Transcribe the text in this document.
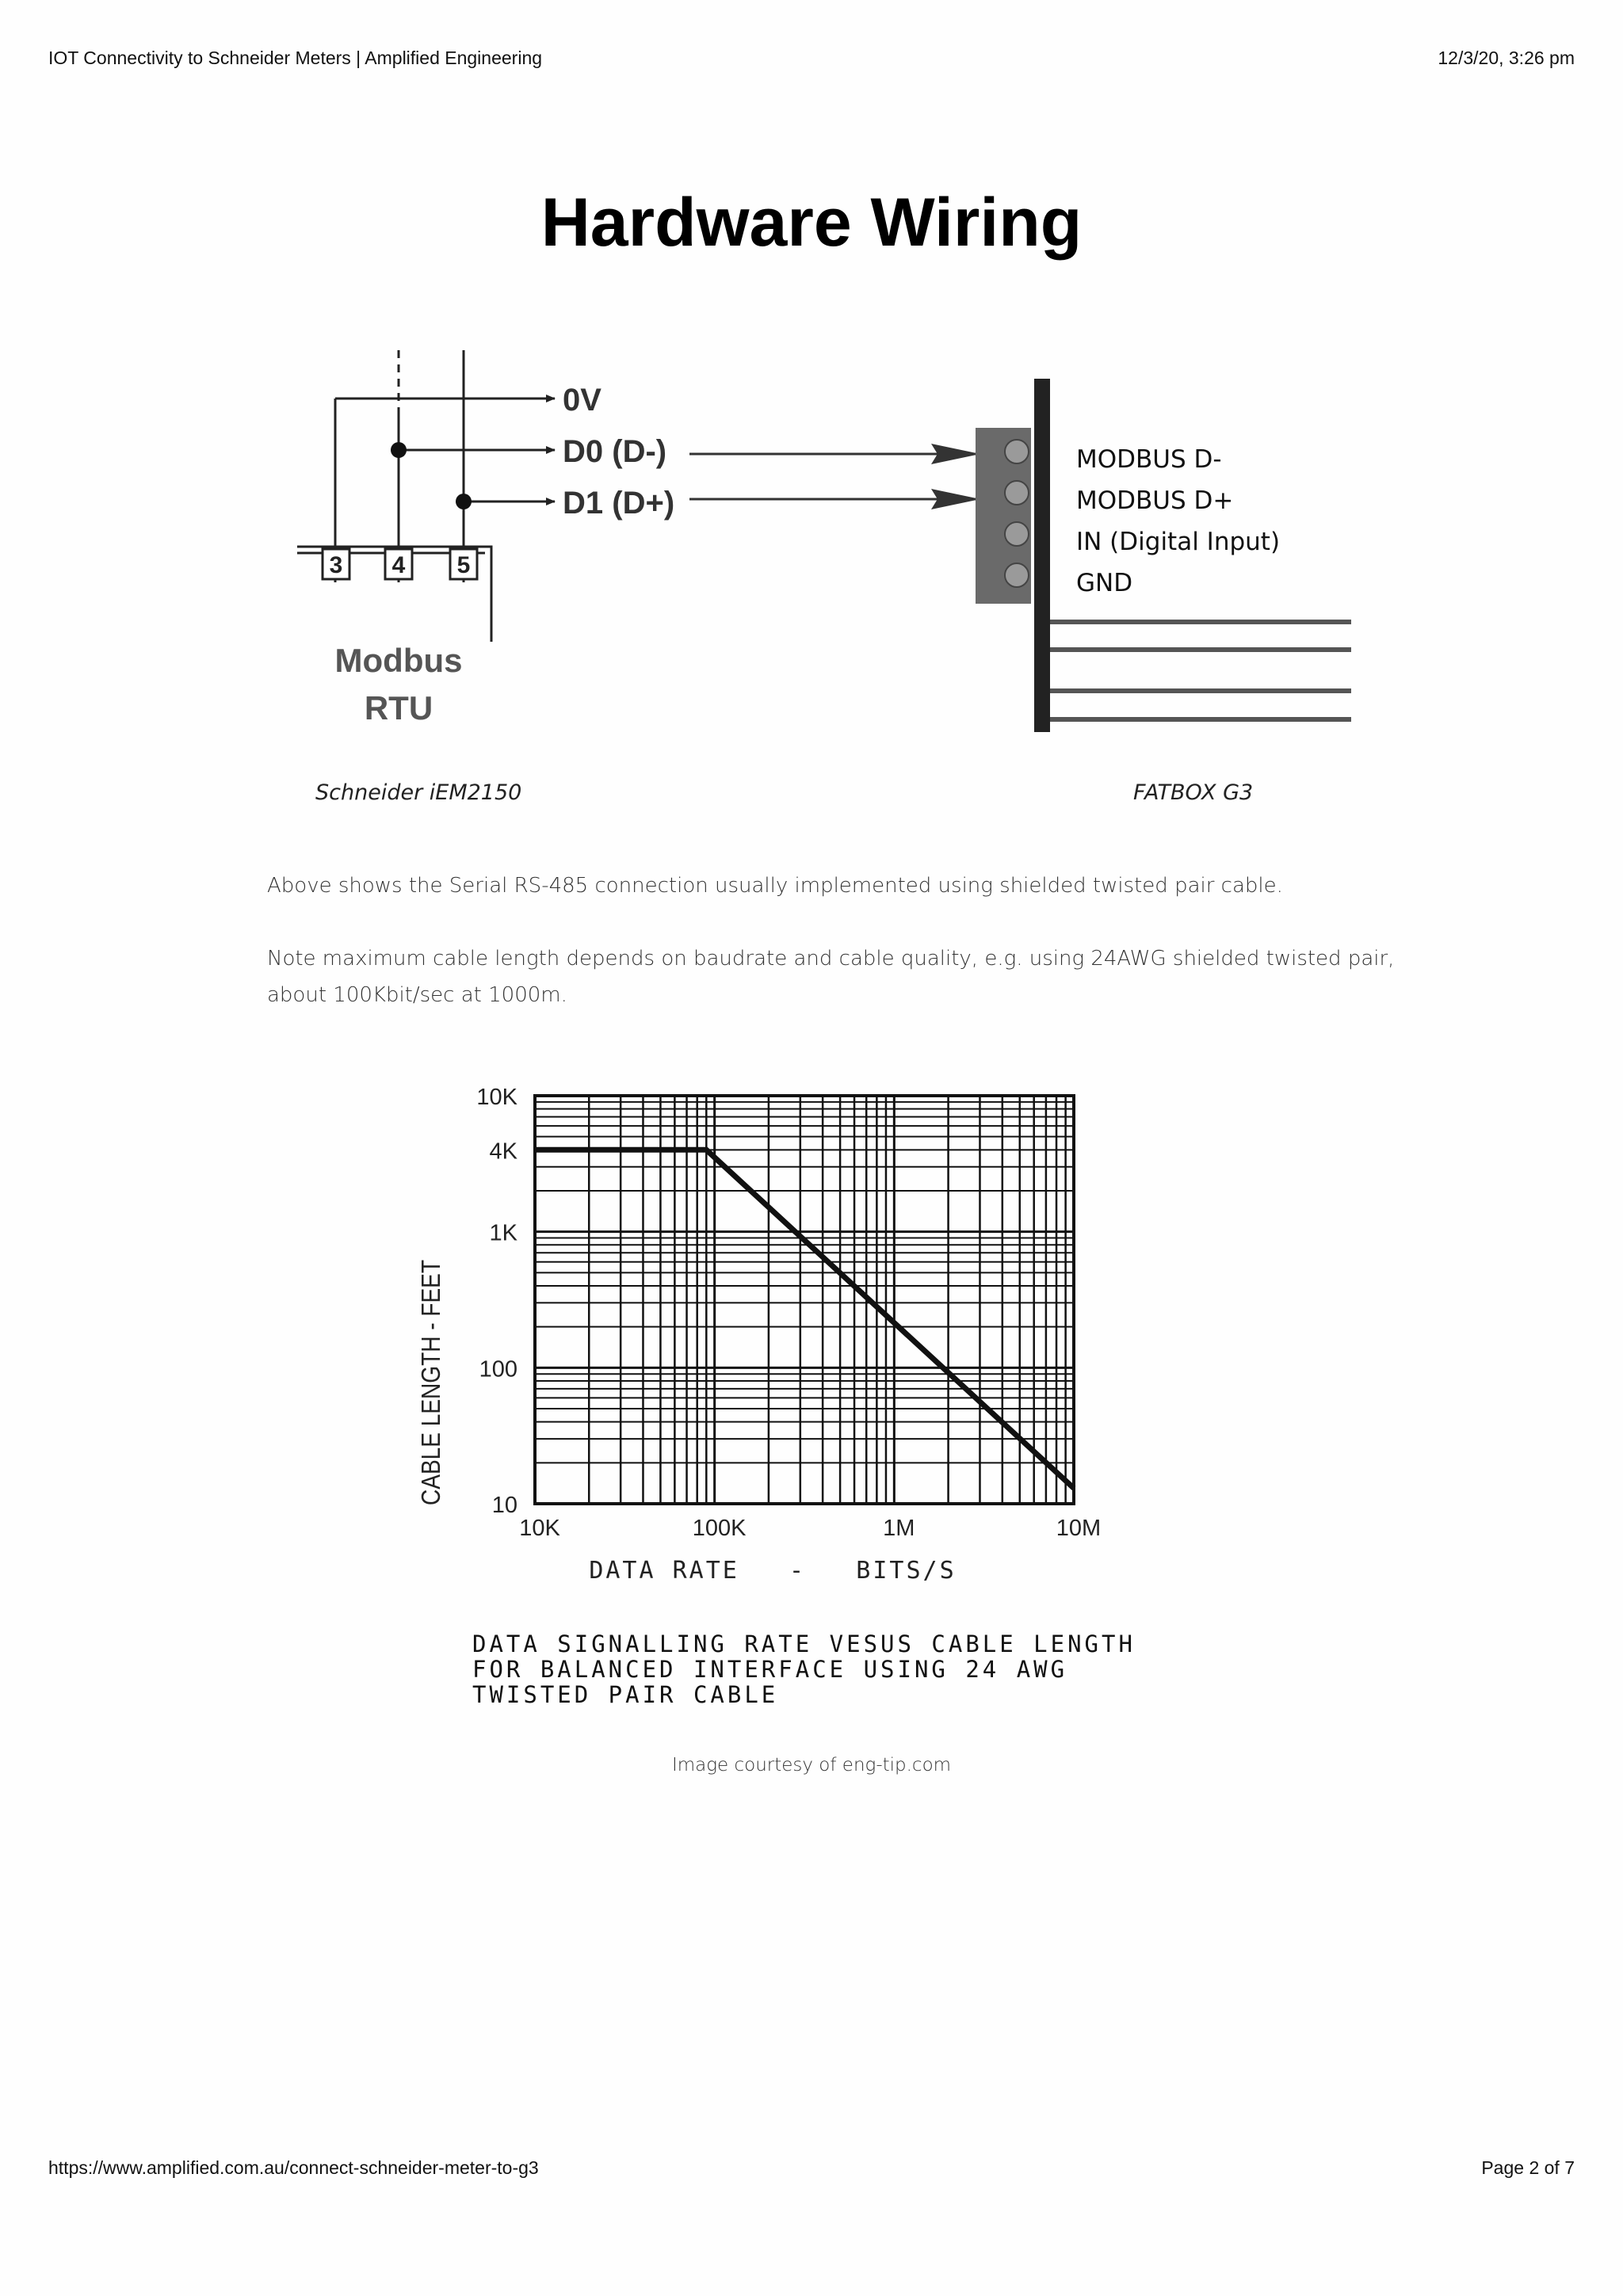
IOT Connectivity to Schneider Meters | Amplified Engineering	12/3/20, 3:26 pm
Hardware Wiring
0V
D0 (D-)
D1 (D+)
3 4 5
Modbus
RTU
MODBUS D-
MODBUS D+
IN (Digital Input)
GND
Schneider iEM2150	FATBOX G3

Above shows the Serial RS-485 connection usually implemented using shielded twisted pair cable.

Note maximum cable length depends on baudrate and cable quality, e.g. using 24AWG shielded twisted pair, about 100Kbit/sec at 1000m.

10K
4K
1K
100
10
10K	100K	1M	10M
CABLE LENGTH - FEET
DATA RATE   -   BITS/S
DATA SIGNALLING RATE VESUS CABLE LENGTH
FOR BALANCED INTERFACE USING 24 AWG
TWISTED PAIR CABLE
Image courtesy of eng-tip.com
https://www.amplified.com.au/connect-schneider-meter-to-g3	Page 2 of 7
